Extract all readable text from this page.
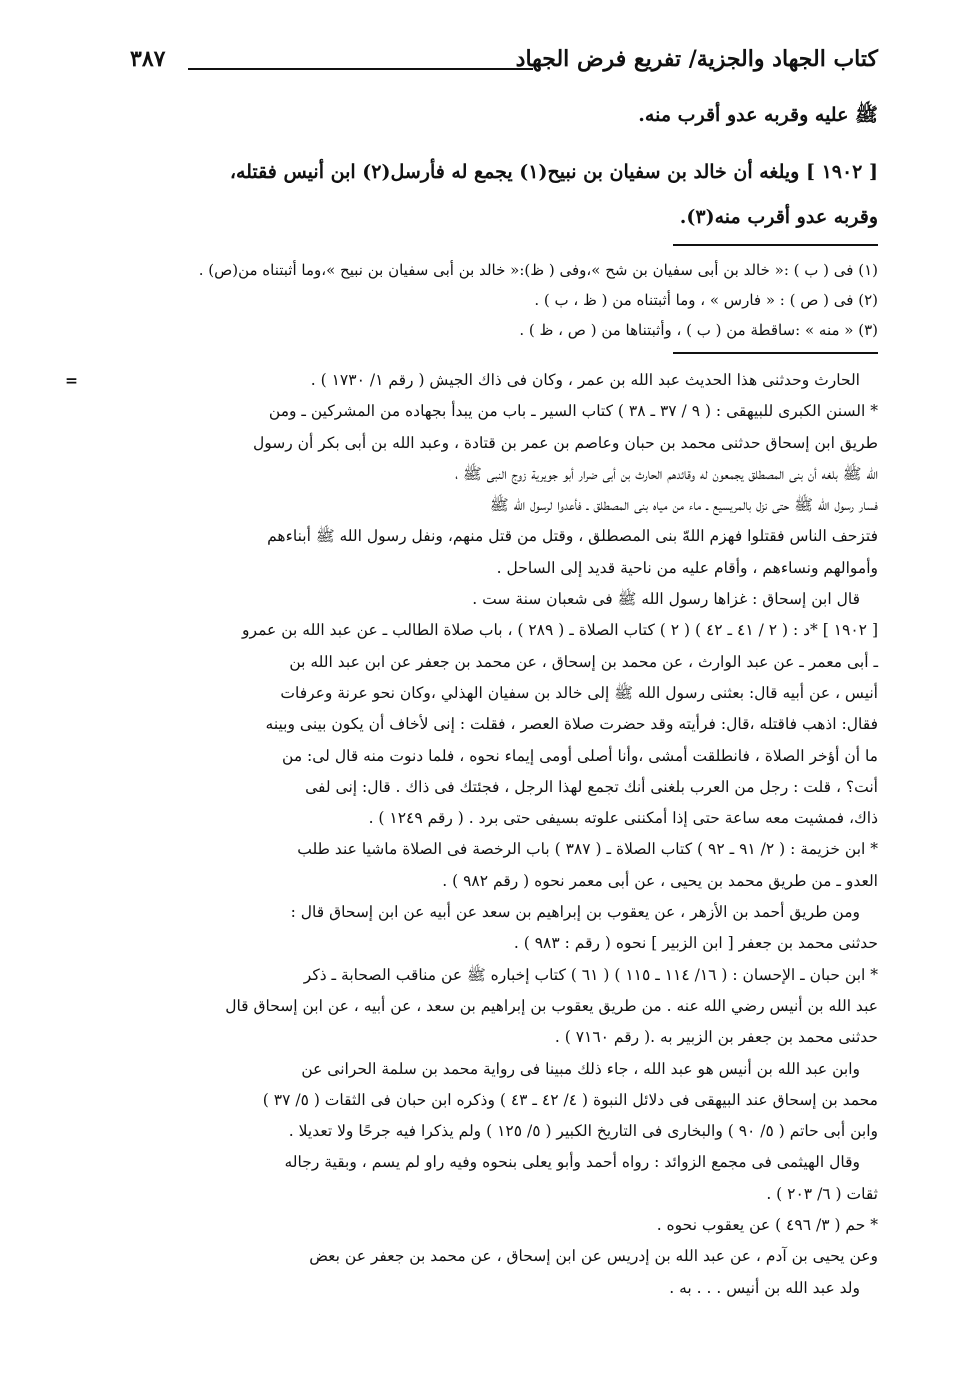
كتاب الجهاد والجزية/ تفريع فرض الجهاد
٣٨٧

ﷺ عليه وقربه عدو أقرب منه.

[ ١٩٠٢ ] ويلغه أن خالد بن سفيان بن نبيح(١) يجمع له فأرسل(٢) ابن أنيس فقتله،

وقربه عدو أقرب منه(٣).

(١) فى ( ب ) :« خالد بن أبى سفيان بن شح »،وفى ( ظ):« خالد بن أبى سفيان بن نبيح »،وما أثبتناه من(ص) .
(٢) فى ( ص ) : « فارس » ، وما أثبتناه من ( ظ ، ب ) .
(٣) « منه » :ساقطة من ( ب ) ، وأثبتناها من ( ص ، ظ ) .
=	الحارث وحدثنى هذا الحديث عبد الله بن عمر ، وكان فى ذاك الجيش ( رقم ١/ ١٧٣٠ ) .

* السنن الكبرى للبيهقى : ( ٩ / ٣٧ ـ ٣٨ ) كتاب السير ـ باب من يبدأ بجهاده من المشركين ـ ومن

طريق ابن إسحاق حدثنى محمد بن حبان وعاصم بن عمر بن قتادة ، وعبد الله بن أبى بكر أن رسول

الله ﷺ بلغه أن بنى المصطلق يجمعون له وقائدهم الحارث بن أبى ضرار أبو جويرية زوج النبى ﷺ ،

فسار رسول الله ﷺ حتى نزل بالمريسيع ـ ماء من مياه بنى المصطلق ـ فأعدوا لرسول الله ﷺ

فتزحف الناس فقتلوا فهزم اللهّ بنى المصطلق ، وقتل من قتل منهم، ونفل رسول الله ﷺ أبناءهم

وأموالهم ونساءهم ، وأقام عليه من ناحية قديد إلى الساحل .

قال ابن إسحاق : غزاها رسول الله ﷺ فى شعبان سنة ست .

[ ١٩٠٢ ] *د : ( ٢ / ٤١ ـ ٤٢ ) ( ٢ ) كتاب الصلاة ـ ( ٢٨٩ ) ، باب صلاة الطالب ـ عن عبد الله بن عمرو

ـ أبى معمر ـ عن عبد الوارث ، عن محمد بن إسحاق ، عن محمد بن جعفر عن ابن عبد الله بن

أنيس ، عن أبيه قال: بعثنى رسول الله ﷺ إلى خالد بن سفيان الهذلي ،وكان نحو عرنة وعرفات

فقال: اذهب فاقتله ،قال: فرأيته وقد حضرت صلاة العصر ، فقلت : إنى لأخاف أن يكون بينى وبينه

ما أن أؤخر الصلاة ، فانطلقت أمشى ،وأنا أصلى أومى إيماء نحوه ، فلما دنوت منه قال لى: من

أنت؟ ، قلت : رجل من العرب بلغنى أنك تجمع لهذا الرجل ، فجئتك فى ذاك . قال: إنى لفى

ذاك، فمشيت معه ساعة حتى إذا أمكننى علوته بسيفى حتى برد . ( رقم ١٢٤٩ ) .

* ابن خزيمة : ( ٢/ ٩١ ـ ٩٢ ) كتاب الصلاة ـ ( ٣٨٧ ) باب الرخصة فى الصلاة ماشيا عند طلب

العدو ـ من طريق محمد بن يحيى ، عن أبى معمر نحوه ( رقم ٩٨٢ ) .

ومن طريق أحمد بن الأزهر ، عن يعقوب بن إبراهيم بن سعد عن أبيه عن ابن إسحاق قال :

حدثنى محمد بن جعفر [ ابن الزبير ] نحوه ( رقم : ٩٨٣ ) .

* ابن حبان ـ الإحسان : ( ١٦/ ١١٤ ـ ١١٥ ) ( ٦١ ) كتاب إخباره ﷺ عن مناقب الصحابة ـ ذكر

عبد الله بن أنيس رضي الله عنه . من طريق يعقوب بن إبراهيم بن سعد ، عن أبيه ، عن ابن إسحاق قال

حدثنى محمد بن جعفر بن الزبير به .( رقم ٧١٦٠ ) .

وابن عبد الله بن أنيس هو عبد الله ، جاء ذلك مبينا فى رواية محمد بن سلمة الحرانى عن

محمد بن إسحاق عند البيهقى فى دلائل النبوة ( ٤/ ٤٢ ـ ٤٣ ) وذكره ابن حبان فى الثقات ( ٥/ ٣٧ )

وابن أبى حاتم ( ٥/ ٩٠ ) والبخارى فى التاريخ الكبير ( ٥/ ١٢٥ ) ولم يذكرا فيه جرحًا ولا تعديلا .

وقال الهيثمى فى مجمع الزوائد : رواه أحمد وأبو يعلى بنحوه وفيه راو لم يسم ، وبقية رجاله

ثقات ( ٦/ ٢٠٣ ) .

* حم ( ٣/ ٤٩٦ ) عن يعقوب نحوه .

وعن يحيى بن آدم ، عن عبد الله بن إدريس عن ابن إسحاق ، عن محمد بن جعفر عن بعض

ولد عبد الله بن أنيس . . . به .
